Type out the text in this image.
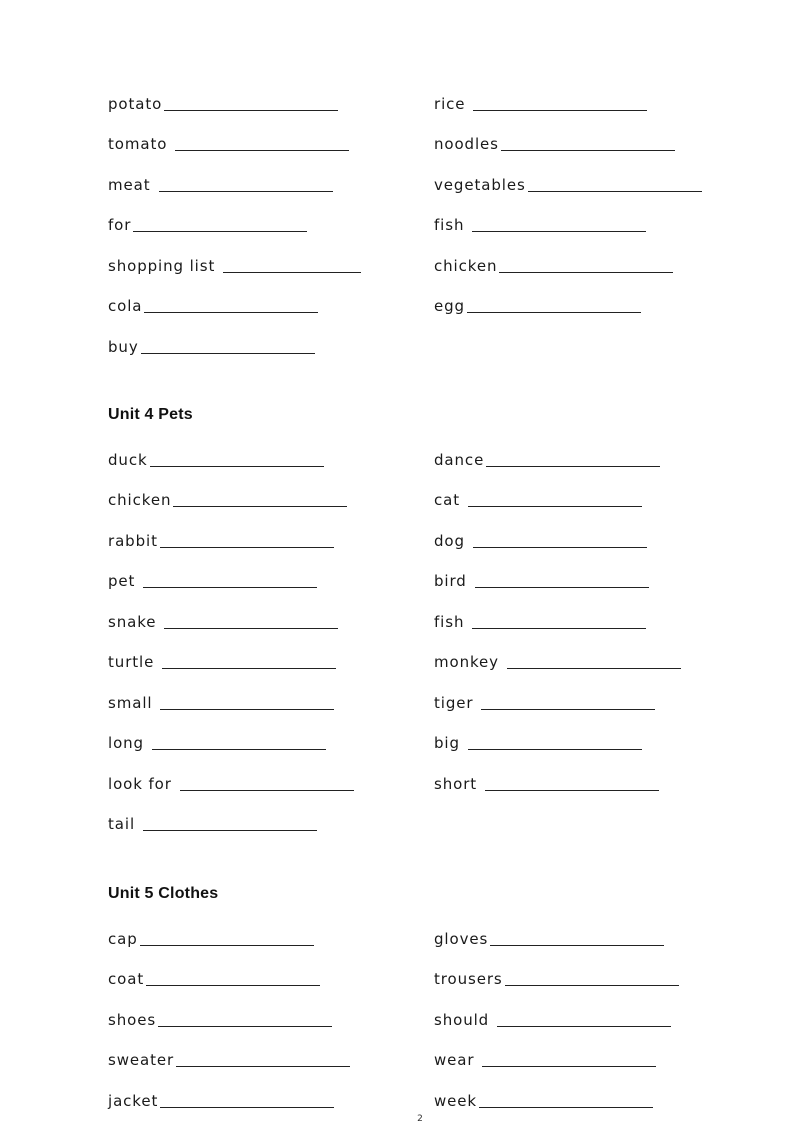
potato	rice
tomato	noodles
meat	vegetables
for	fish
shopping list	chicken
cola	egg
buy
Unit 4 Pets
duck	dance
chicken	cat
rabbit	dog
pet	bird
snake	fish
turtle	monkey
small	tiger
long	big
look for	short
tail
Unit 5 Clothes
cap	gloves
coat	trousers
shoes	should
sweater	wear
jacket	week
2
